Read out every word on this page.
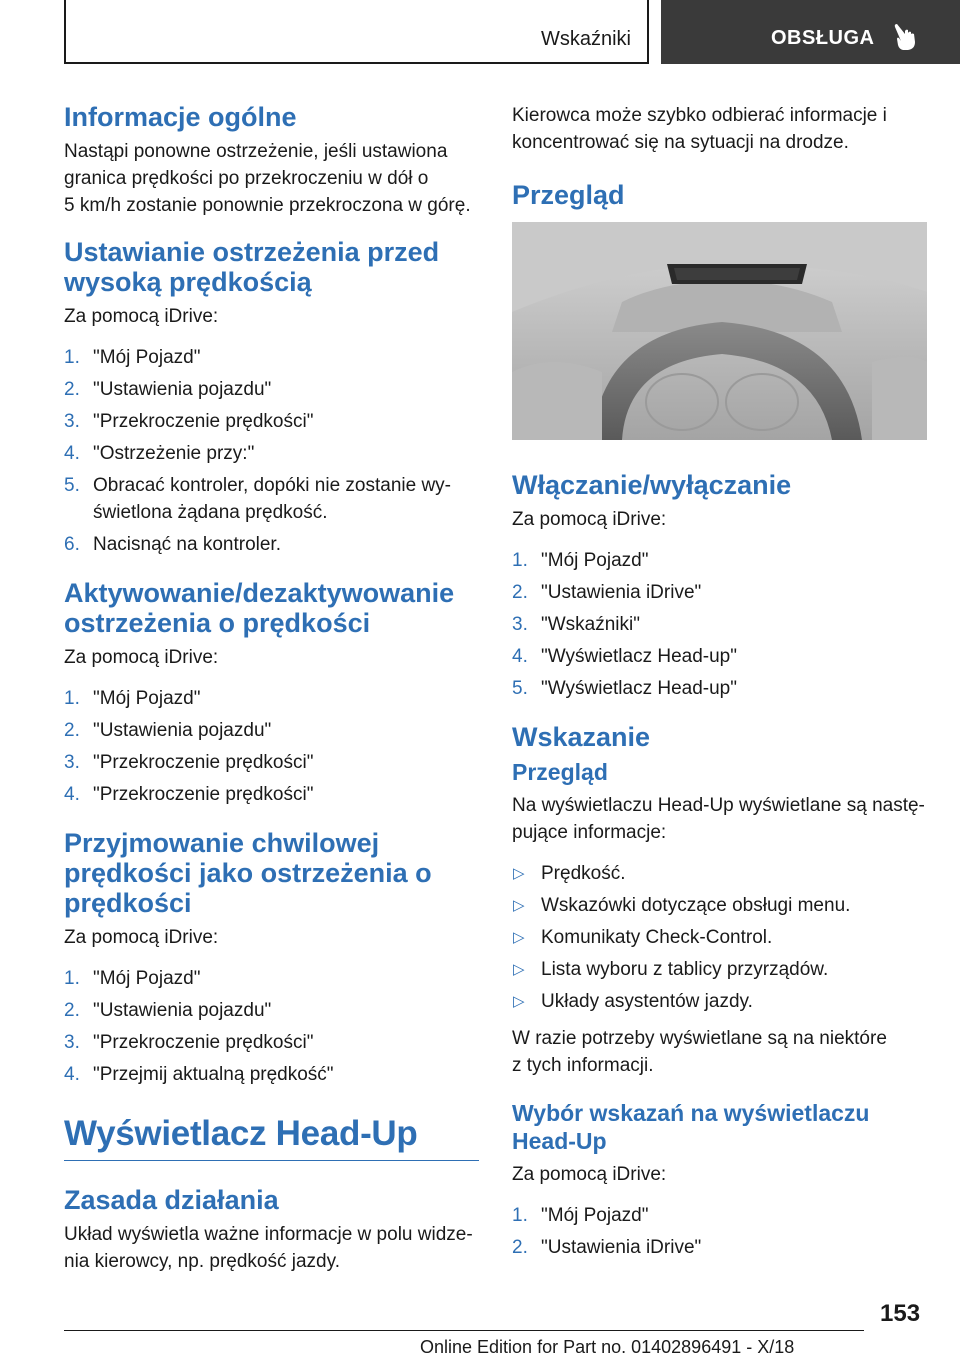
Wskaźniki	OBSŁUGA
Informacje ogólne
Nastąpi ponowne ostrzeżenie, jeśli ustawiona
granica prędkości po przekroczeniu w dół o
5 km/h zostanie ponownie przekroczona w górę.
Ustawianie ostrzeżenia przed
wysoką prędkością
Za pomocą iDrive:
1. "Mój Pojazd"
2. "Ustawienia pojazdu"
3. "Przekroczenie prędkości"
4. "Ostrzeżenie przy:"
5. Obracać kontroler, dopóki nie zostanie wy-
świetlona żądana prędkość.
6. Nacisnąć na kontroler.
Aktywowanie/dezaktywowanie
ostrzeżenia o prędkości
Za pomocą iDrive:
1. "Mój Pojazd"
2. "Ustawienia pojazdu"
3. "Przekroczenie prędkości"
4. "Przekroczenie prędkości"
Przyjmowanie chwilowej
prędkości jako ostrzeżenia o
prędkości
Za pomocą iDrive:
1. "Mój Pojazd"
2. "Ustawienia pojazdu"
3. "Przekroczenie prędkości"
4. "Przejmij aktualną prędkość"
Wyświetlacz Head-Up
Zasada działania
Układ wyświetla ważne informacje w polu widze-
nia kierowcy, np. prędkość jazdy.
Kierowca może szybko odbierać informacje i
koncentrować się na sytuacji na drodze.
Przegląd
Włączanie/wyłączanie
Za pomocą iDrive:
1. "Mój Pojazd"
2. "Ustawienia iDrive"
3. "Wskaźniki"
4. "Wyświetlacz Head-up"
5. "Wyświetlacz Head-up"
Wskazanie
Przegląd
Na wyświetlaczu Head-Up wyświetlane są nastę-
pujące informacje:
▷ Prędkość.
▷ Wskazówki dotyczące obsługi menu.
▷ Komunikaty Check-Control.
▷ Lista wyboru z tablicy przyrządów.
▷ Układy asystentów jazdy.
W razie potrzeby wyświetlane są na niektóre
z tych informacji.
Wybór wskazań na wyświetlaczu
Head-Up
Za pomocą iDrive:
1. "Mój Pojazd"
2. "Ustawienia iDrive"
153
Online Edition for Part no. 01402896491 - X/18
